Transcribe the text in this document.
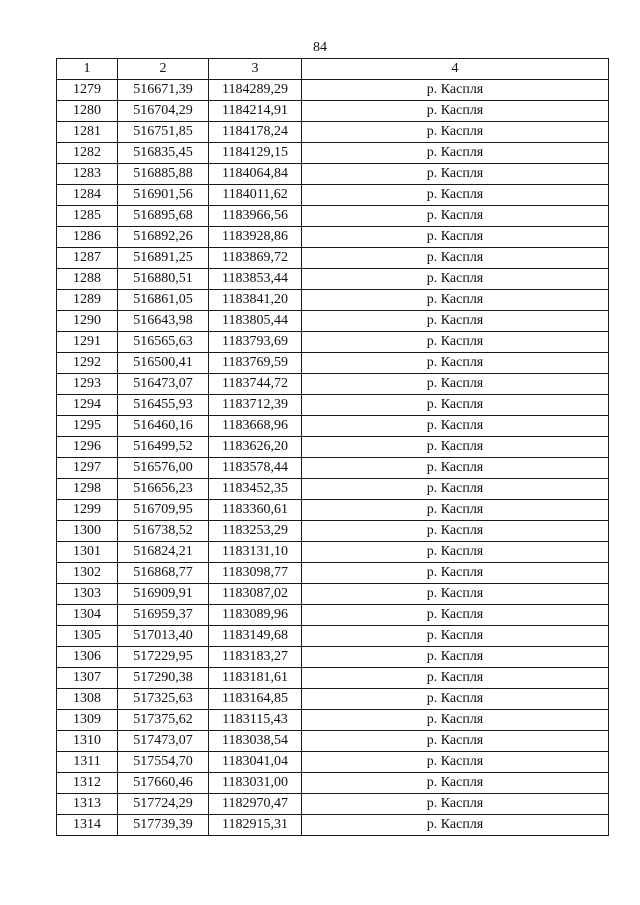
84
1	2	3	4
1279	516671,39	1184289,29	р. Каспля
1280	516704,29	1184214,91	р. Каспля
1281	516751,85	1184178,24	р. Каспля
1282	516835,45	1184129,15	р. Каспля
1283	516885,88	1184064,84	р. Каспля
1284	516901,56	1184011,62	р. Каспля
1285	516895,68	1183966,56	р. Каспля
1286	516892,26	1183928,86	р. Каспля
1287	516891,25	1183869,72	р. Каспля
1288	516880,51	1183853,44	р. Каспля
1289	516861,05	1183841,20	р. Каспля
1290	516643,98	1183805,44	р. Каспля
1291	516565,63	1183793,69	р. Каспля
1292	516500,41	1183769,59	р. Каспля
1293	516473,07	1183744,72	р. Каспля
1294	516455,93	1183712,39	р. Каспля
1295	516460,16	1183668,96	р. Каспля
1296	516499,52	1183626,20	р. Каспля
1297	516576,00	1183578,44	р. Каспля
1298	516656,23	1183452,35	р. Каспля
1299	516709,95	1183360,61	р. Каспля
1300	516738,52	1183253,29	р. Каспля
1301	516824,21	1183131,10	р. Каспля
1302	516868,77	1183098,77	р. Каспля
1303	516909,91	1183087,02	р. Каспля
1304	516959,37	1183089,96	р. Каспля
1305	517013,40	1183149,68	р. Каспля
1306	517229,95	1183183,27	р. Каспля
1307	517290,38	1183181,61	р. Каспля
1308	517325,63	1183164,85	р. Каспля
1309	517375,62	1183115,43	р. Каспля
1310	517473,07	1183038,54	р. Каспля
1311	517554,70	1183041,04	р. Каспля
1312	517660,46	1183031,00	р. Каспля
1313	517724,29	1182970,47	р. Каспля
1314	517739,39	1182915,31	р. Каспля
